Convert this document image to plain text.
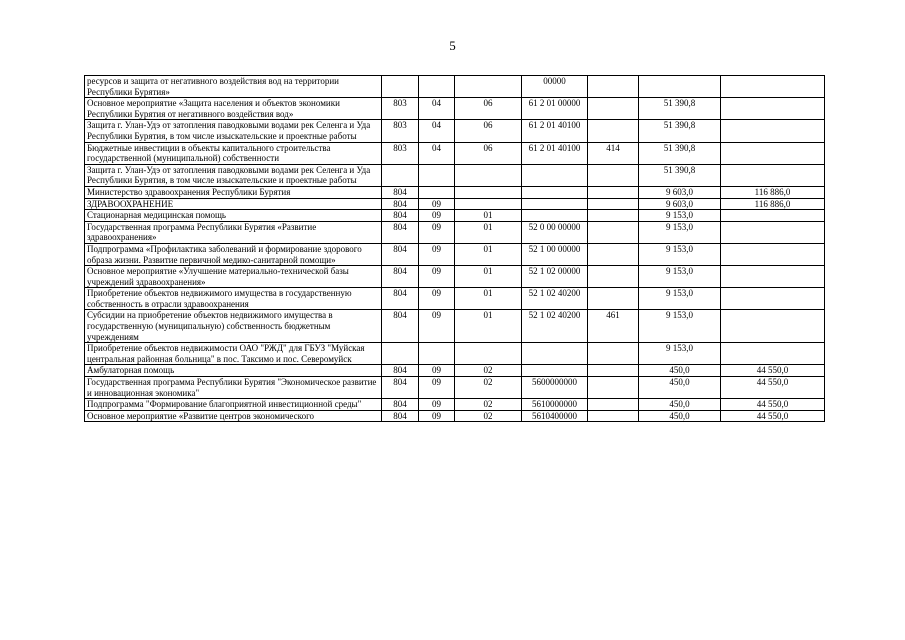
5
ресурсов и защита от негативного воздействия вод на территории Республики Бурятия»				00000			
Основное мероприятие «Защита населения и объектов экономики Республики Бурятия от негативного воздействия вод»	803	04	06	61 2 01 00000		51 390,8	
Защита г. Улан-Удэ от затопления паводковыми водами рек Селенга и Уда Республики Бурятия, в том числе изыскательские и проектные работы	803	04	06	61 2 01 40100		51 390,8	
Бюджетные инвестиции в объекты капитального строительства государственной (муниципальной) собственности	803	04	06	61 2 01 40100	414	51 390,8	
Защита г. Улан-Удэ от затопления паводковыми водами рек Селенга и Уда Республики Бурятия, в том числе изыскательские и проектные работы						51 390,8	
Министерство здравоохранения Республики Бурятия	804					9 603,0	116 886,0
ЗДРАВООХРАНЕНИЕ	804	09				9 603,0	116 886,0
Стационарная медицинская помощь	804	09	01			9 153,0	
Государственная программа Республики Бурятия «Развитие здравоохранения»	804	09	01	52 0 00 00000		9 153,0	
Подпрограмма «Профилактика заболеваний и формирование здорового образа жизни. Развитие первичной медико-санитарной помощи»	804	09	01	52 1 00 00000		9 153,0	
Основное мероприятие «Улучшение материально-технической базы учреждений здравоохранения»	804	09	01	52 1 02 00000		9 153,0	
Приобретение объектов недвижимого имущества в государственную собственность в отрасли здравоохранения	804	09	01	52 1 02 40200		9 153,0	
Субсидии на приобретение объектов недвижимого имущества в государственную (муниципальную) собственность бюджетным учреждениям	804	09	01	52 1 02 40200	461	9 153,0	
Приобретение объектов недвижимости ОАО "РЖД" для ГБУЗ "Муйская центральная районная больница" в пос. Таксимо и пос. Северомуйск						9 153,0	
Амбулаторная помощь	804	09	02			450,0	44 550,0
Государственная программа Республики Бурятия "Экономическое развитие и инновационная экономика"	804	09	02	5600000000		450,0	44 550,0
Подпрограмма "Формирование благоприятной инвестиционной среды"	804	09	02	5610000000		450,0	44 550,0
Основное мероприятие «Развитие центров экономического	804	09	02	5610400000		450,0	44 550,0
